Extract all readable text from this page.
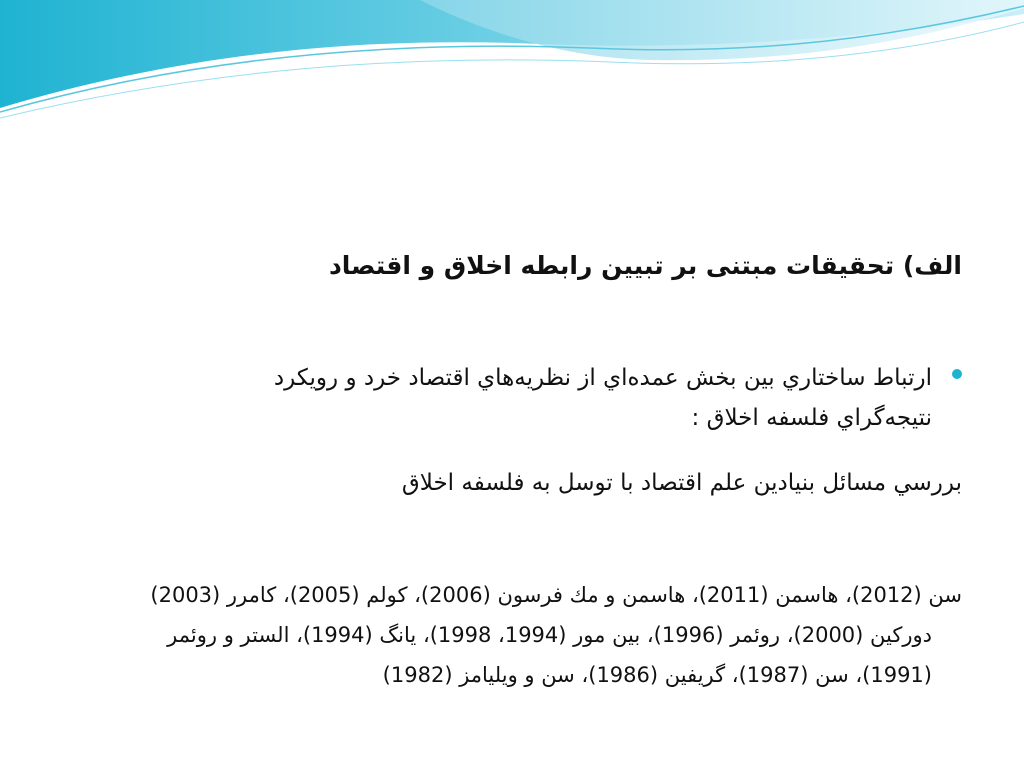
الف) تحقیقات مبتنی بر تبیین رابطه اخلاق و اقتصاد
ارتباط ساختاري بين بخش عمده‌اي از نظريه‌هاي اقتصاد خرد و رويكرد
نتيجه‌گراي فلسفه اخلاق :
بررسي مسائل بنيادين علم اقتصاد با توسل به فلسفه اخلاق
سن (2012)، هاسمن (2011)، هاسمن و مك فرسون (2006)، كولم (2005)، كامرر (2003)
دوركين (2000)، روئمر (1996)، بين مور (1994، 1998)، يانگ (1994)، الستر و روئمر
(1991)، سن (1987)، گريفين (1986)، سن و ويليامز (1982)
